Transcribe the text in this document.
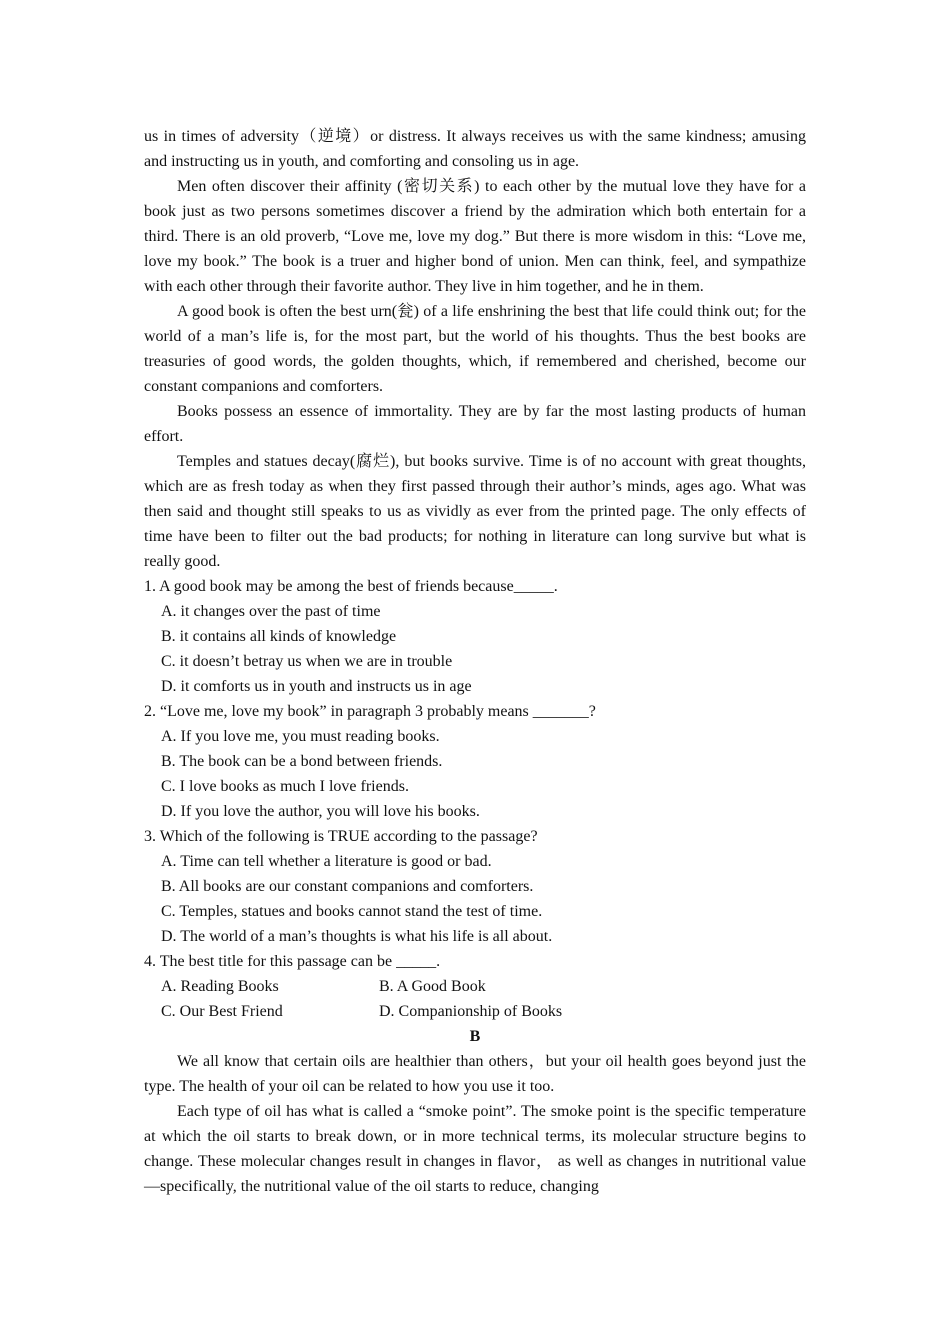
us in times of adversity（逆境）or distress. It always receives us with the same kindness; amusing and instructing us in youth, and comforting and consoling us in age.

Men often discover their affinity (密切关系) to each other by the mutual love they have for a book just as two persons sometimes discover a friend by the admiration which both entertain for a third. There is an old proverb, “Love me, love my dog.” But there is more wisdom in this: “Love me, love my book.” The book is a truer and higher bond of union. Men can think, feel, and sympathize with each other through their favorite author. They live in him together, and he in them.

A good book is often the best urn(瓮) of a life enshrining the best that life could think out; for the world of a man’s life is, for the most part, but the world of his thoughts. Thus the best books are treasuries of good words, the golden thoughts, which, if remembered and cherished, become our constant companions and comforters.

Books possess an essence of immortality. They are by far the most lasting products of human effort.

Temples and statues decay(腐烂), but books survive. Time is of no account with great thoughts, which are as fresh today as when they first passed through their author’s minds, ages ago. What was then said and thought still speaks to us as vividly as ever from the printed page. The only effects of time have been to filter out the bad products; for nothing in literature can long survive but what is really good.

1. A good book may be among the best of friends because_____.

A. it changes over the past of time

B. it contains all kinds of knowledge

C. it doesn’t betray us when we are in trouble

D. it comforts us in youth and instructs us in age

2. “Love me, love my book” in paragraph 3 probably means _______?

A. If you love me, you must reading books.

B. The book can be a bond between friends.

C. I love books as much I love friends.

D. If you love the author, you will love his books.

3. Which of the following is TRUE according to the passage?

A. Time can tell whether a literature is good or bad.

B. All books are our constant companions and comforters.

C. Temples, statues and books cannot stand the test of time.

D. The world of a man’s thoughts is what his life is all about.

4. The best title for this passage can be _____.

A. Reading Books	B. A Good Book
C. Our Best Friend	D. Companionship of Books

B

We all know that certain oils are healthier than others，but your oil health goes beyond just the type. The health of your oil can be related to how you use it too.

Each type of oil has what is called a “smoke point”. The smoke point is the specific temperature at which the oil starts to break down, or in more technical terms, its molecular structure begins to change. These molecular changes result in changes in flavor， as well as changes in nutritional value—specifically, the nutritional value of the oil starts to reduce, changing
